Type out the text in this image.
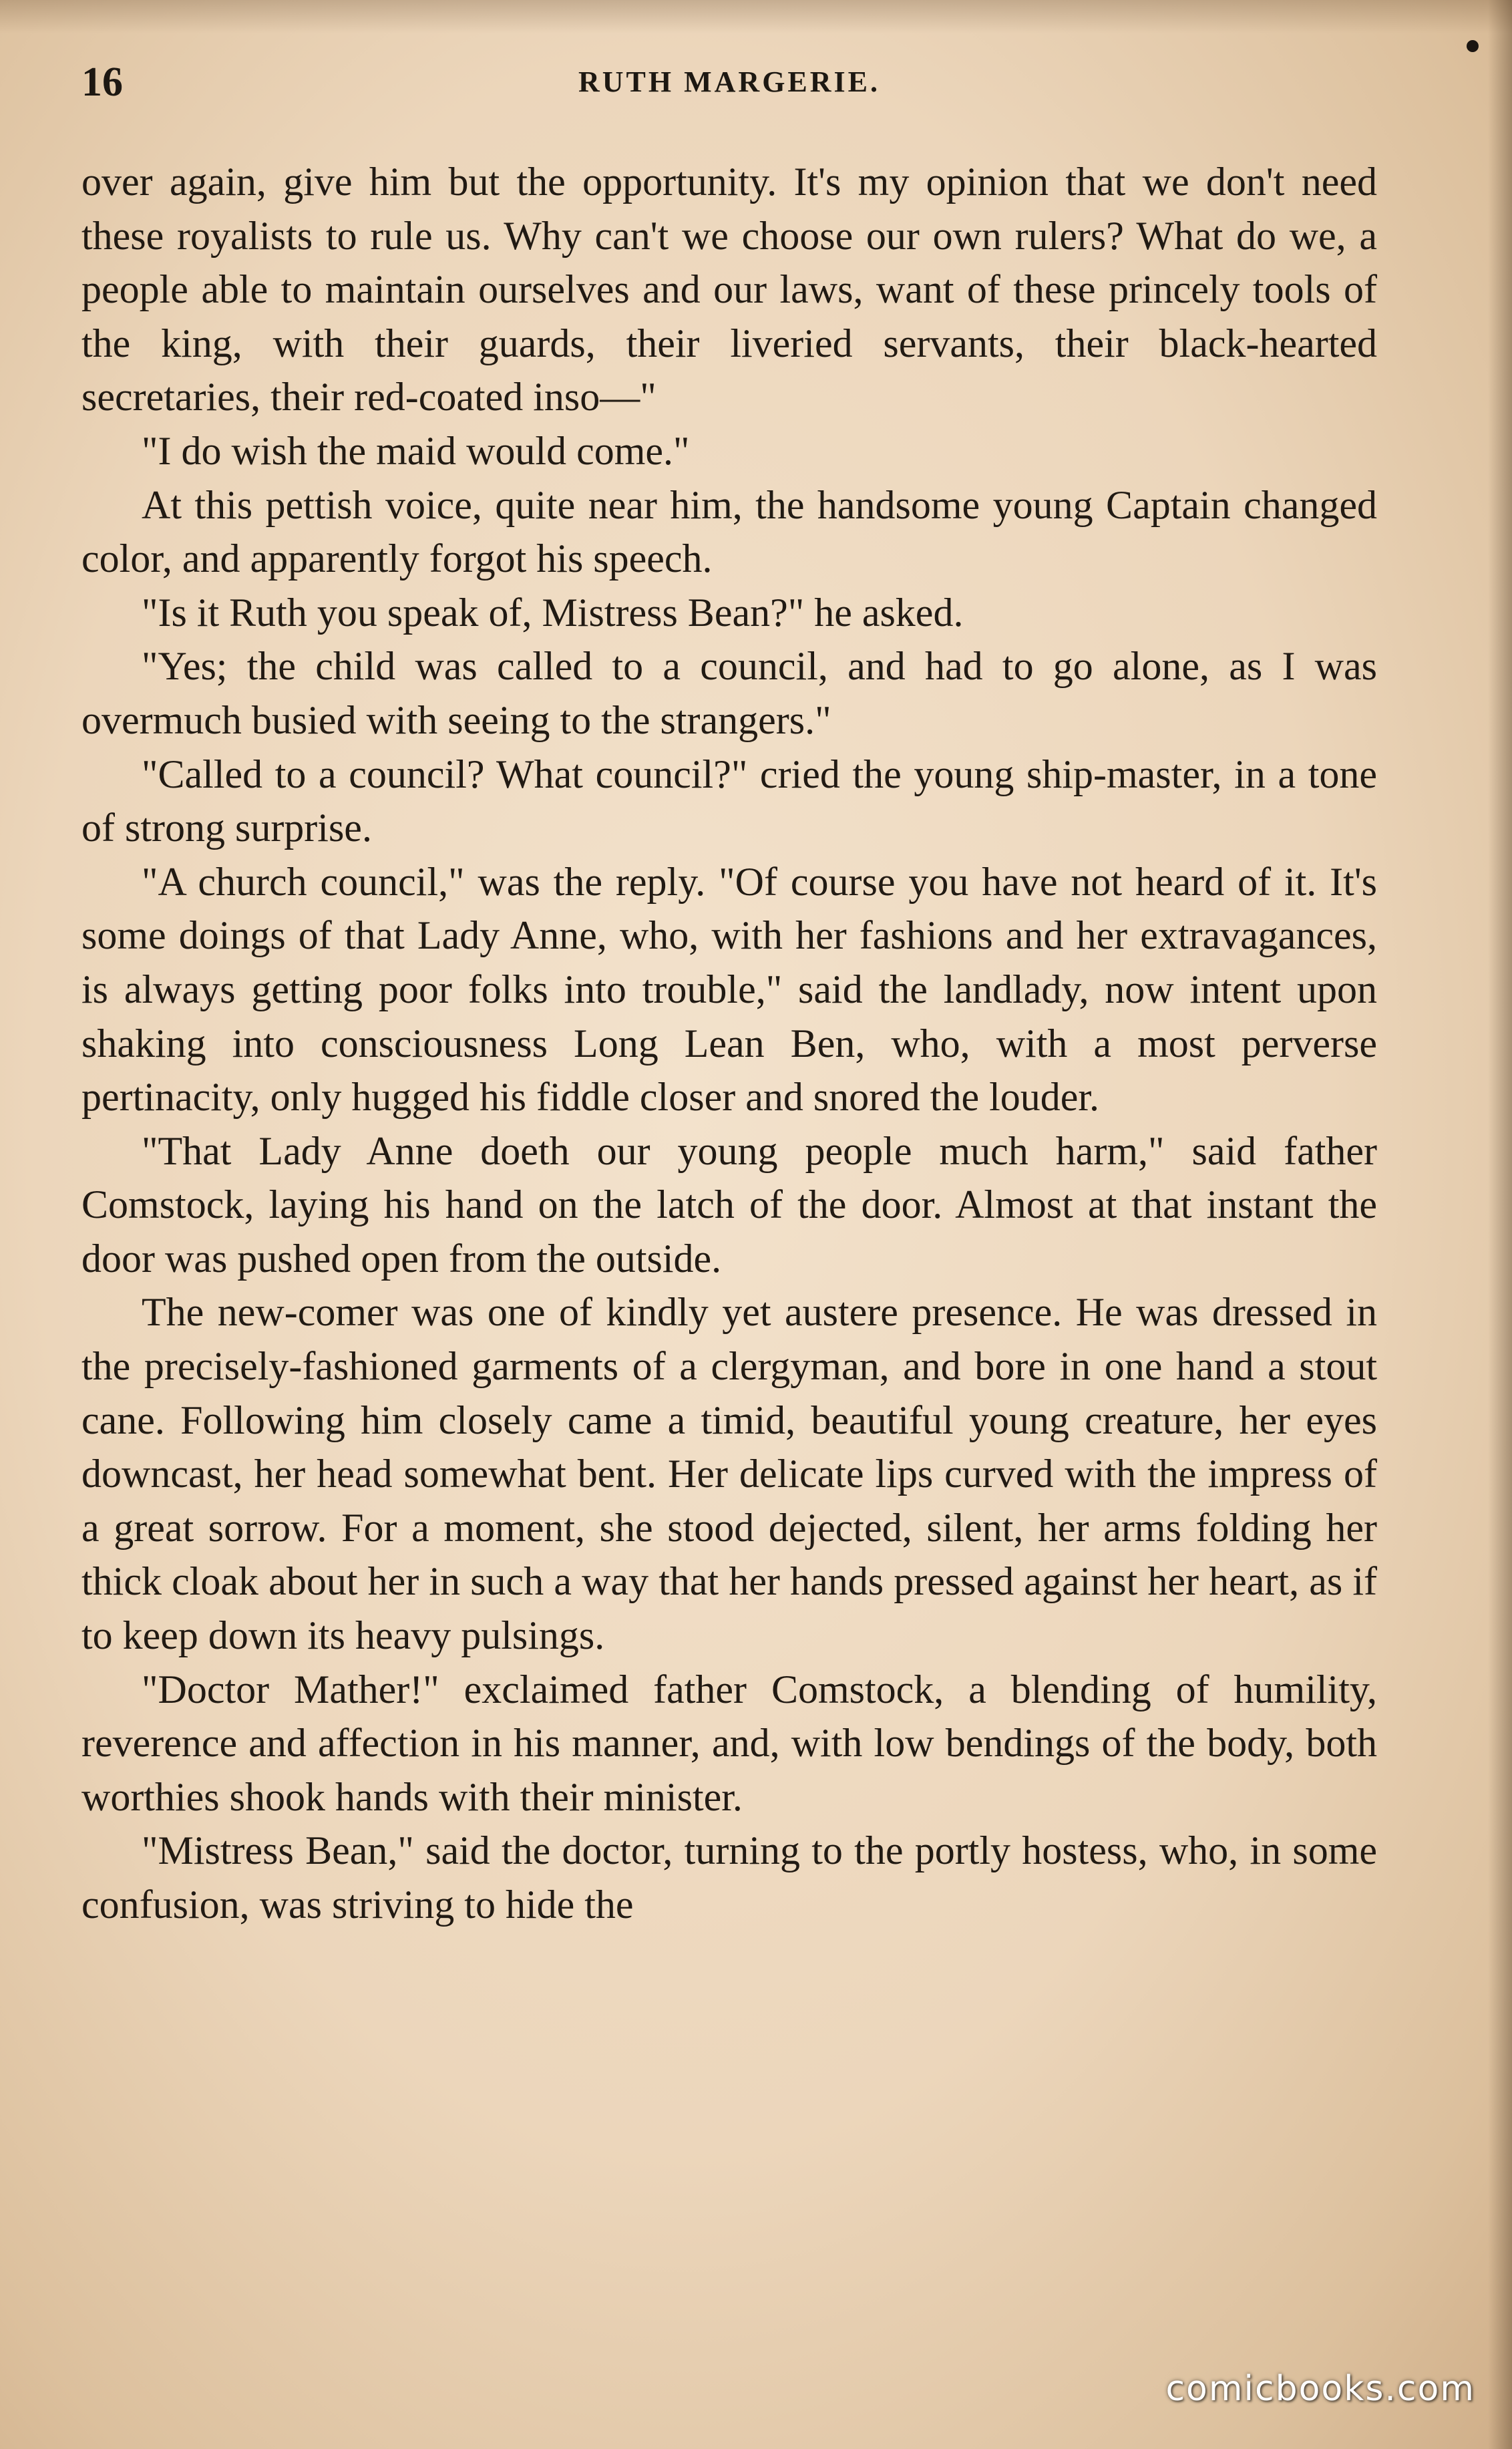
16	RUTH MARGERIE.

over again, give him but the opportunity. It's my opinion that we don't need these royalists to rule us. Why can't we choose our own rulers? What do we, a people able to maintain ourselves and our laws, want of these princely tools of the king, with their guards, their liveried servants, their black-hearted secretaries, their red-coated inso—"

"I do wish the maid would come."

At this pettish voice, quite near him, the handsome young Captain changed color, and apparently forgot his speech.

"Is it Ruth you speak of, Mistress Bean?" he asked.

"Yes; the child was called to a council, and had to go alone, as I was overmuch busied with seeing to the strangers."

"Called to a council? What council?" cried the young ship-master, in a tone of strong surprise.

"A church council," was the reply. "Of course you have not heard of it. It's some doings of that Lady Anne, who, with her fashions and her extravagances, is always getting poor folks into trouble," said the landlady, now intent upon shaking into consciousness Long Lean Ben, who, with a most perverse pertinacity, only hugged his fiddle closer and snored the louder.

"That Lady Anne doeth our young people much harm," said father Comstock, laying his hand on the latch of the door. Almost at that instant the door was pushed open from the outside.

The new-comer was one of kindly yet austere presence. He was dressed in the precisely-fashioned garments of a clergyman, and bore in one hand a stout cane. Following him closely came a timid, beautiful young creature, her eyes downcast, her head somewhat bent. Her delicate lips curved with the impress of a great sorrow. For a moment, she stood dejected, silent, her arms folding her thick cloak about her in such a way that her hands pressed against her heart, as if to keep down its heavy pulsings.

"Doctor Mather!" exclaimed father Comstock, a blending of humility, reverence and affection in his manner, and, with low bendings of the body, both worthies shook hands with their minister.

"Mistress Bean," said the doctor, turning to the portly hostess, who, in some confusion, was striving to hide the

comicbooks.com
